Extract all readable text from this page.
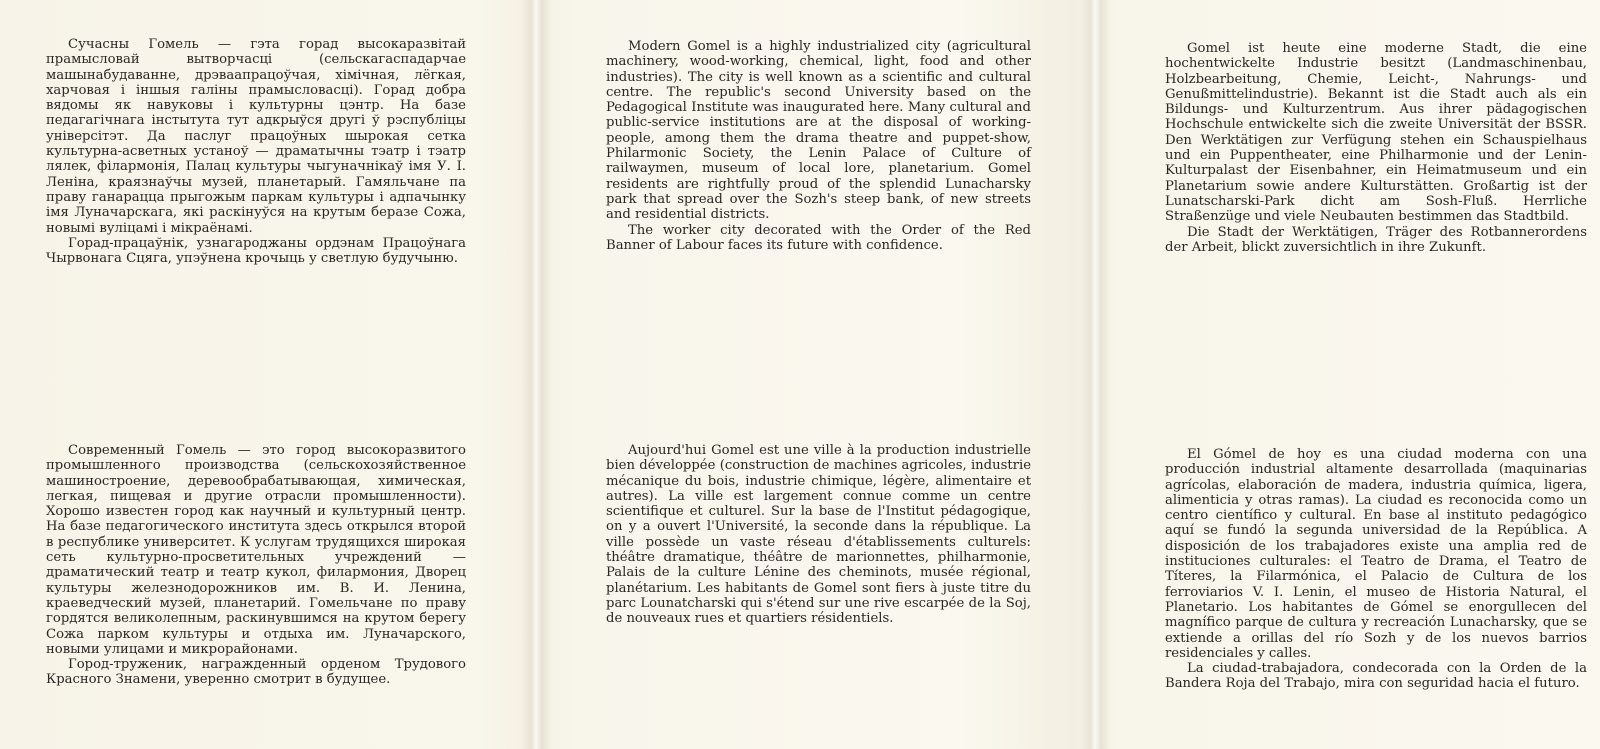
Сучасны Гомель — гэта горад высокаразвітай прамысловай вытворчасці (сельскагаспадарчае машынабудаванне, дрэваапрацоўчая, хімічная, лёгкая, харчовая і іншыя галіны прамысловасці). Горад добра вядомы як навуковы і культурны цэнтр. На базе педагагічнага інстытута тут адкрыўся другі ў рэспубліцы універсітэт. Да паслуг працоўных шырокая сетка культурна-асветных устаноў — драматычны тэатр і тэатр лялек, філармонія, Палац культуры чыгуначнікаў імя У. І. Леніна, краязнаўчы музей, планетарый. Гамяльчане па праву ганарацца прыгожым паркам культуры і адпачынку імя Луначарскага, які раскінуўся на крутым беразе Сожа, новымі вуліцамі і мікраёнамі.

Горад-працаўнік, узнагароджаны ордэнам Працоўнага Чырвонага Сцяга, упэўнена крочыць у светлую будучыню.

Modern Gomel is a highly industrialized city (agricultural machinery, wood-working, chemical, light, food and other industries). The city is well known as a scientific and cultural centre. The republic's second University based on the Pedagogical Institute was inaugurated here. Many cultural and public-service institutions are at the disposal of working-people, among them the drama theatre and puppet-show, Philarmonic Society, the Lenin Palace of Culture of railwaymen, museum of local lore, planetarium. Gomel residents are rightfully proud of the splendid Lunacharsky park that spread over the Sozh's steep bank, of new streets and residential districts.

The worker city decorated with the Order of the Red Banner of Labour faces its future with confidence.

Gomel ist heute eine moderne Stadt, die eine hochentwickelte Industrie besitzt (Landmaschinenbau, Holzbearbeitung, Chemie, Leicht-, Nahrungs- und Genußmittelindustrie). Bekannt ist die Stadt auch als ein Bildungs- und Kulturzentrum. Aus ihrer pädagogischen Hochschule entwickelte sich die zweite Universität der BSSR. Den Werktätigen zur Verfügung stehen ein Schauspielhaus und ein Puppentheater, eine Philharmonie und der Lenin-Kulturpalast der Eisenbahner, ein Heimatmuseum und ein Planetarium sowie andere Kulturstätten. Großartig ist der Lunatscharski-Park dicht am Sosh-Fluß. Herrliche Straßenzüge und viele Neubauten bestimmen das Stadtbild.

Die Stadt der Werktätigen, Träger des Rotbannerordens der Arbeit, blickt zuversichtlich in ihre Zukunft.

Современный Гомель — это город высокоразвитого промышленного производства (сельскохозяйственное машиностроение, деревообрабатывающая, химическая, легкая, пищевая и другие отрасли промышленности). Хорошо известен город как научный и культурный центр. На базе педагогического института здесь открылся второй в республике университет. К услугам трудящихся широкая сеть культурно-просветительных учреждений — драматический театр и театр кукол, филармония, Дворец культуры железнодорожников им. В. И. Ленина, краеведческий музей, планетарий. Гомельчане по праву гордятся великолепным, раскинувшимся на крутом берегу Сожа парком культуры и отдыха им. Луначарского, новыми улицами и микрорайонами.

Город-труженик, награжденный орденом Трудового Красного Знамени, уверенно смотрит в будущее.

Aujourd'hui Gomel est une ville à la production industrielle bien développée (construction de machines agricoles, industrie mécanique du bois, industrie chimique, légère, alimentaire et autres). La ville est largement connue comme un centre scientifique et culturel. Sur la base de l'Institut pédagogique, on y a ouvert l'Université, la seconde dans la république. La ville possède un vaste réseau d'établissements culturels: théâtre dramatique, théâtre de marionnettes, philharmonie, Palais de la culture Lénine des cheminots, musée régional, planétarium. Les habitants de Gomel sont fiers à juste titre du parc Lounatcharski qui s'étend sur une rive escarpée de la Soj, de nouveaux rues et quartiers résidentiels.

El Gómel de hoy es una ciudad moderna con una producción industrial altamente desarrollada (maquinarias agrícolas, elaboración de madera, industria química, ligera, alimenticia y otras ramas). La ciudad es reconocida como un centro científico y cultural. En base al instituto pedagógico aquí se fundó la segunda universidad de la República. A disposición de los trabajadores existe una amplia red de instituciones culturales: el Teatro de Drama, el Teatro de Títeres, la Filarmónica, el Palacio de Cultura de los ferroviarios V. I. Lenin, el museo de Historia Natural, el Planetario. Los habitantes de Gómel se enorgullecen del magnífico parque de cultura y recreación Lunacharsky, que se extiende a orillas del río Sozh y de los nuevos barrios residenciales y calles.

La ciudad-trabajadora, condecorada con la Orden de la Bandera Roja del Trabajo, mira con seguridad hacia el futuro.
